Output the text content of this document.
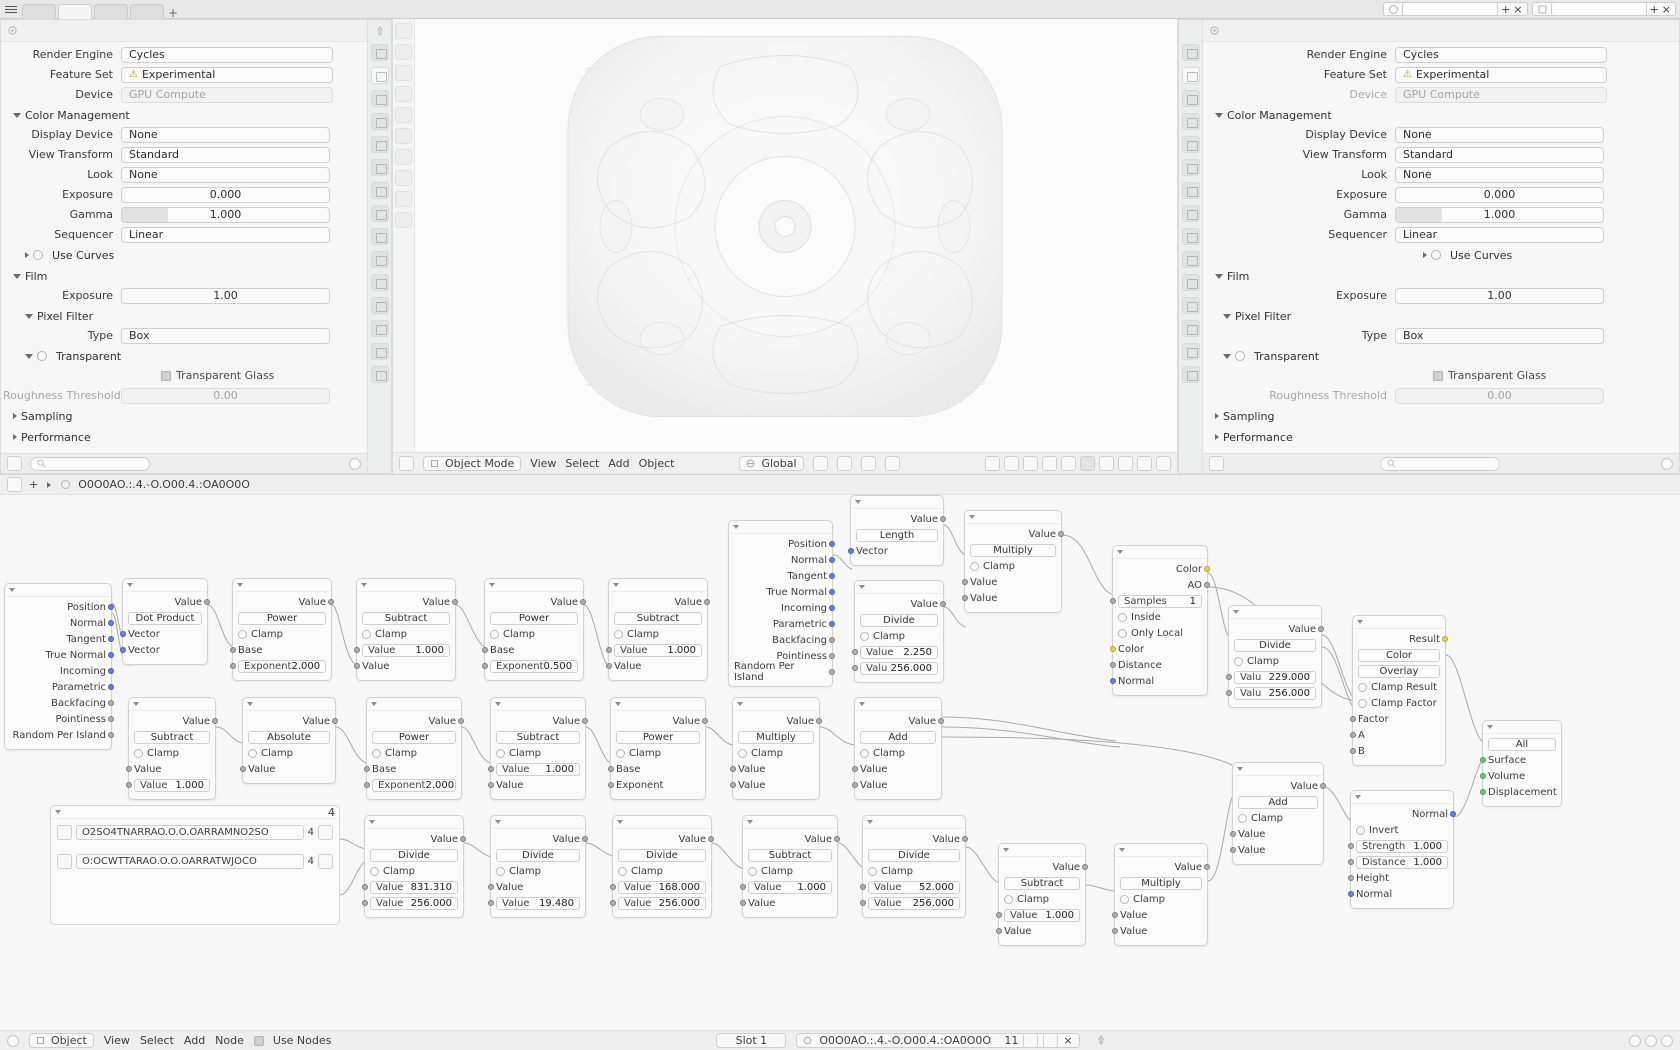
+	+ ×	+ ×
Render Engine	Cycles
Feature Set	⚠ Experimental
Device	GPU Compute
Color Management
Display Device	None
View Transform	Standard
Look	None
Exposure	0.000
Gamma	1.000
Sequencer	Linear
Use Curves
Film
Exposure	1.00
Pixel Filter
Type	Box
Transparent
Transparent Glass
Roughness Threshold	0.00
Sampling
Performance
Object Mode View Select Add Object	Global
Render Engine	Cycles
Feature Set	⚠ Experimental
Device	GPU Compute
Color Management
Display Device	None
View Transform	Standard
Look	None
Exposure	0.000
Gamma	1.000
Sequencer	Linear
Use Curves
Film
Exposure	1.00
Pixel Filter
Type	Box
Transparent
Transparent Glass
Roughness Threshold	0.00
Sampling
Performance
+	O0O0AO.:.4.-O.O00.4.:OA0O0O
4
O2SO4TNARRAO.O.O.OARRAMNO2SO	4
O:OCWTTARAO.O.O.OARRATWJOCO	4
Position
Normal
Tangent
True Normal
Incoming
Parametric
Backfacing
Pointiness
Random Per Island
Value
Dot Product
Vector
Vector
Value
Power
Clamp
Base
Exponent 2.000
Value
Subtract
Clamp
Value 1.000
Value
Value
Power
Clamp
Base
Exponent 0.500
Value
Subtract
Clamp
Value 1.000
Value
Position
Normal
Tangent
True Normal
Incoming
Parametric
Backfacing
Pointiness
Random Per Island
Value
Length
Vector
Value
Multiply
Clamp
Value
Value
Value
Divide
Clamp
Value 2.250
Valu 256.000
Color
AO
Samples 1
Inside
Only Local
Color
Distance
Normal
Value
Divide
Clamp
Valu 229.000
Valu 256.000
Result
Color
Overlay
Clamp Result
Clamp Factor
Factor
A
B
All
Surface
Volume
Displacement
Value
Subtract
Clamp
Value
Value 1.000
Value
Absolute
Clamp
Value
Value
Power
Clamp
Base
Exponent 2.000
Value
Subtract
Clamp
Value 1.000
Value
Value
Power
Clamp
Base
Exponent
Value
Multiply
Clamp
Value
Value
Value
Add
Clamp
Value
Value	Value
Add
Clamp
Value
Value
Normal
Invert
Strength 1.000
Distance 1.000
Height
Normal
Value
Divide
Clamp
Value 831.310
Value 256.000
Value
Divide
Clamp
Value
Value 19.480
Value
Divide
Clamp
Value 168.000
Value 256.000
Value
Subtract
Clamp
Value 1.000
Value
Value
Divide
Clamp
Value 52.000
Value 256.000
Value
Subtract
Clamp
Value 1.000
Value
Value
Multiply
Clamp
Value
Value
Object View Select Add Node	Use Nodes	Slot 1	O0O0AO.:.4.-O.O00.4.:OA0O0O	11	×
